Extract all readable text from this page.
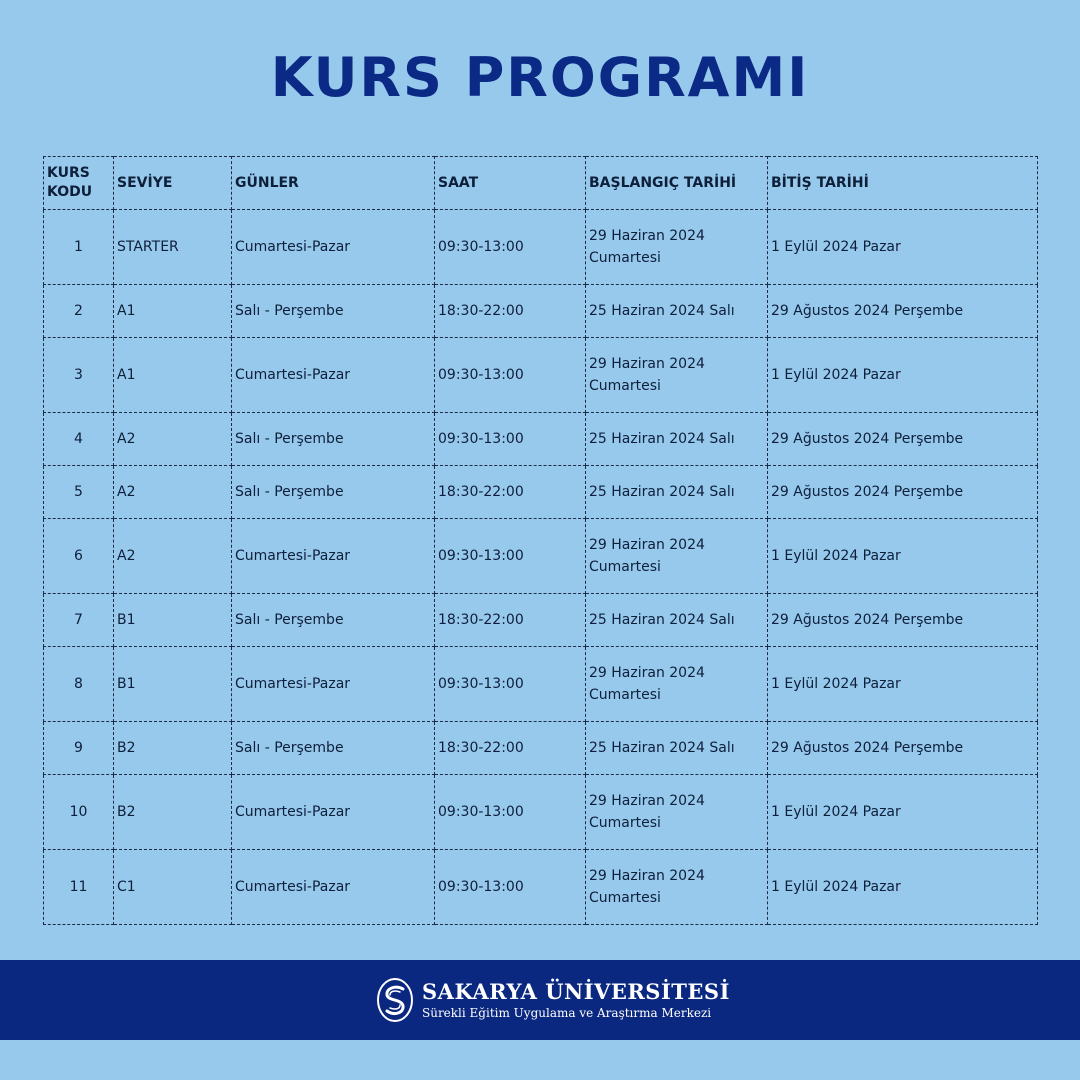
KURS PROGRAMI
KURS KODU	SEVİYE	GÜNLER	SAAT	BAŞLANGIÇ TARİHİ	BİTİŞ TARİHİ
1	STARTER	Cumartesi-Pazar	09:30-13:00	29 Haziran 2024 Cumartesi	1 Eylül 2024 Pazar
2	A1	Salı - Perşembe	18:30-22:00	25 Haziran 2024 Salı	29 Ağustos 2024 Perşembe
3	A1	Cumartesi-Pazar	09:30-13:00	29 Haziran 2024 Cumartesi	1 Eylül 2024 Pazar
4	A2	Salı - Perşembe	09:30-13:00	25 Haziran 2024 Salı	29 Ağustos 2024 Perşembe
5	A2	Salı - Perşembe	18:30-22:00	25 Haziran 2024 Salı	29 Ağustos 2024 Perşembe
6	A2	Cumartesi-Pazar	09:30-13:00	29 Haziran 2024 Cumartesi	1 Eylül 2024 Pazar
7	B1	Salı - Perşembe	18:30-22:00	25 Haziran 2024 Salı	29 Ağustos 2024 Perşembe
8	B1	Cumartesi-Pazar	09:30-13:00	29 Haziran 2024 Cumartesi	1 Eylül 2024 Pazar
9	B2	Salı - Perşembe	18:30-22:00	25 Haziran 2024 Salı	29 Ağustos 2024 Perşembe
10	B2	Cumartesi-Pazar	09:30-13:00	29 Haziran 2024 Cumartesi	1 Eylül 2024 Pazar
11	C1	Cumartesi-Pazar	09:30-13:00	29 Haziran 2024 Cumartesi	1 Eylül 2024 Pazar
SAKARYA ÜNİVERSİTESİ
Sürekli Eğitim Uygulama ve Araştırma Merkezi
